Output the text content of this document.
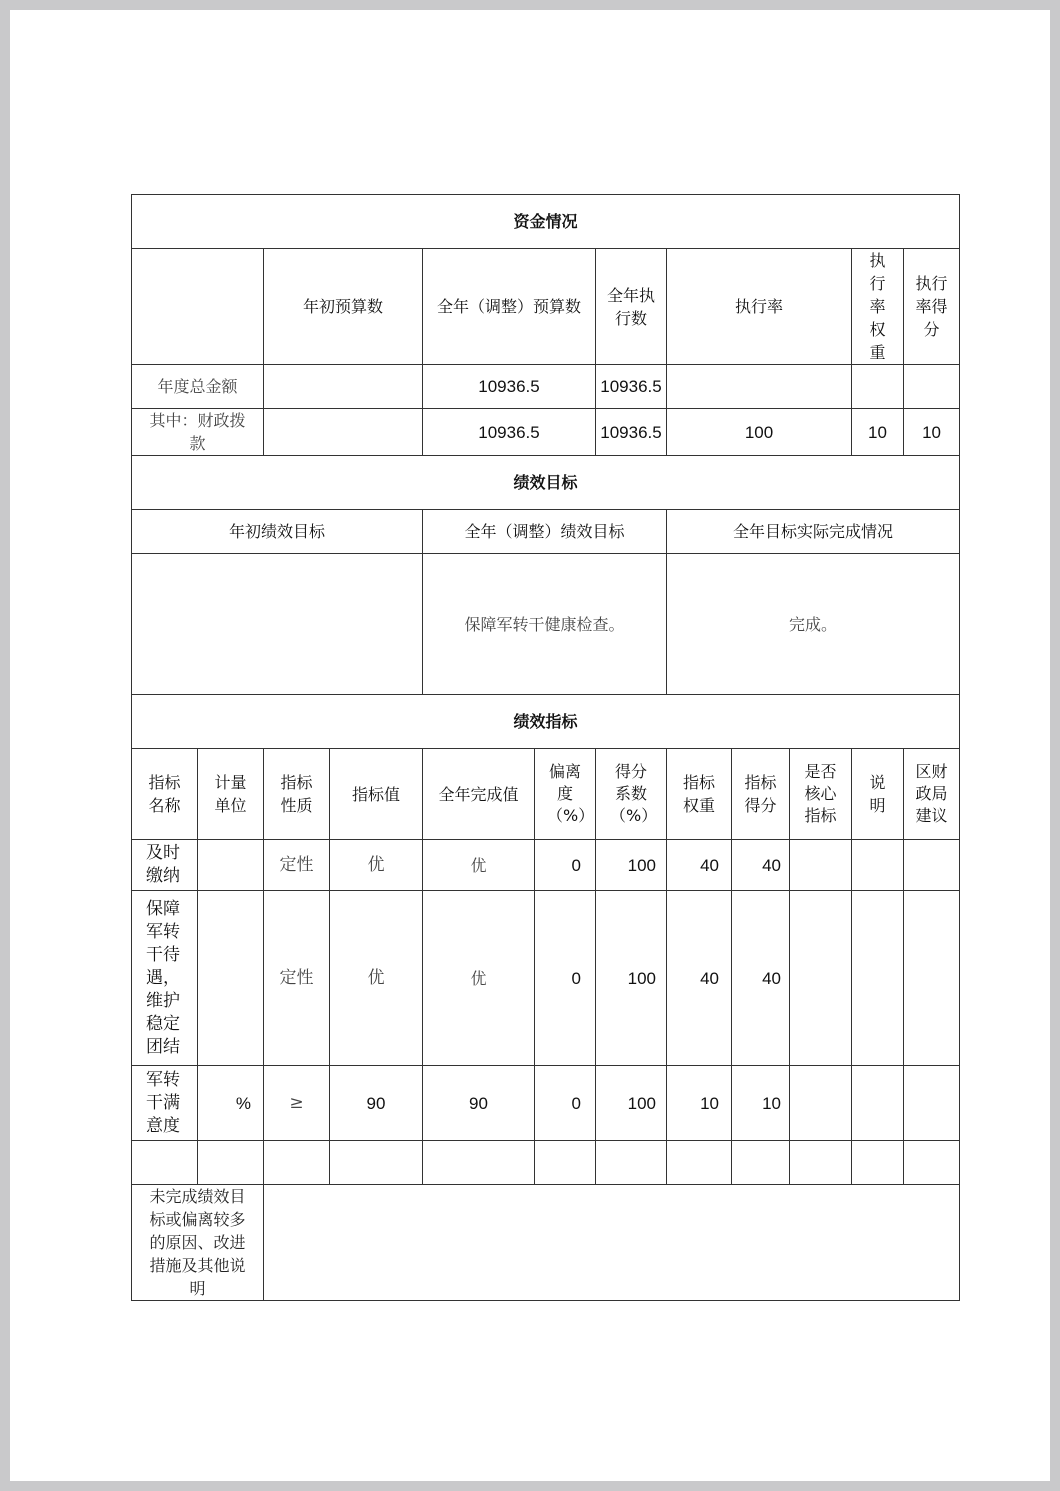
资金情况											
		年初预算数		全年（调整）预算数		全年执行数	执行率			执行率权重	执行率得分
年度总金额				10936.5		10936.5					
其中：财政拨款				10936.5		10936.5	100			10	10
绩效目标											
年初绩效目标				全年（调整）绩效目标			全年目标实际完成情况				
				保障军转干健康检查。			完成。				
绩效指标											
指标名称	计量单位	指标性质	指标值	全年完成值	偏离度（%）	得分系数（%）	指标权重	指标得分	是否核心指标	说明	区财政局建议
及时缴纳		定性	优	优	0	100	40	40			
保障军转干待遇，维护稳定团结		定性	优	优	0	100	40	40			
军转干满意度	%	≥	90	90	0	100	10	10			

未完成绩效目标或偏离较多的原因、改进措施及其他说明											
